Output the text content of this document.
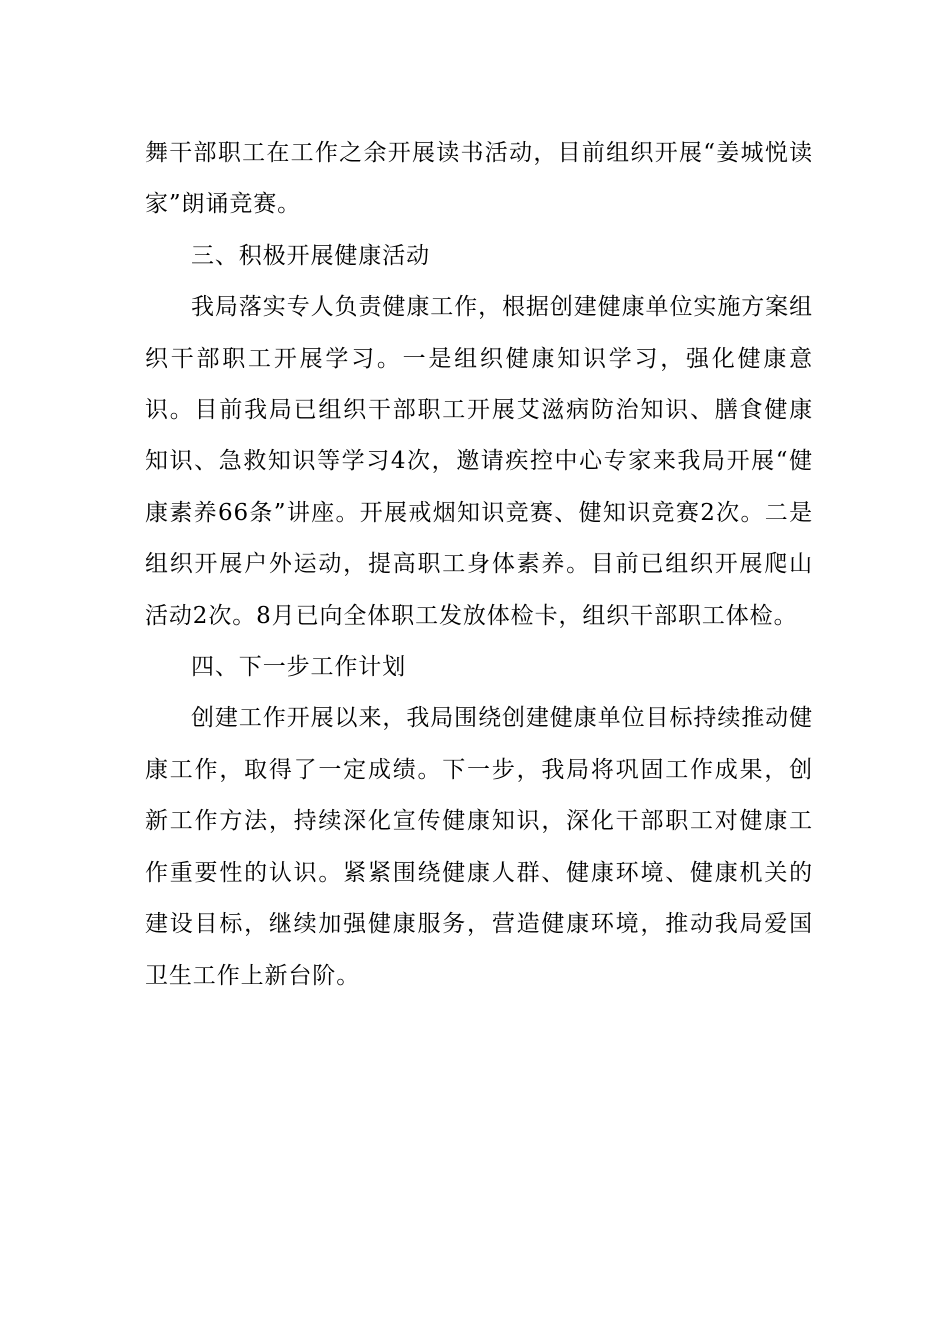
舞干部职工在工作之余开展读书活动，目前组织开展“姜城悦读家”朗诵竞赛。

三、积极开展健康活动

我局落实专人负责健康工作，根据创建健康单位实施方案组织干部职工开展学习。一是组织健康知识学习，强化健康意识。目前我局已组织干部职工开展艾滋病防治知识、膳食健康知识、急救知识等学习4次，邀请疾控中心专家来我局开展“健康素养66条”讲座。开展戒烟知识竞赛、健知识竞赛2次。二是组织开展户外运动，提高职工身体素养。目前已组织开展爬山活动2次。8月已向全体职工发放体检卡，组织干部职工体检。

四、下一步工作计划

创建工作开展以来，我局围绕创建健康单位目标持续推动健康工作，取得了一定成绩。下一步，我局将巩固工作成果，创新工作方法，持续深化宣传健康知识，深化干部职工对健康工作重要性的认识。紧紧围绕健康人群、健康环境、健康机关的建设目标，继续加强健康服务，营造健康环境，推动我局爱国卫生工作上新台阶。
